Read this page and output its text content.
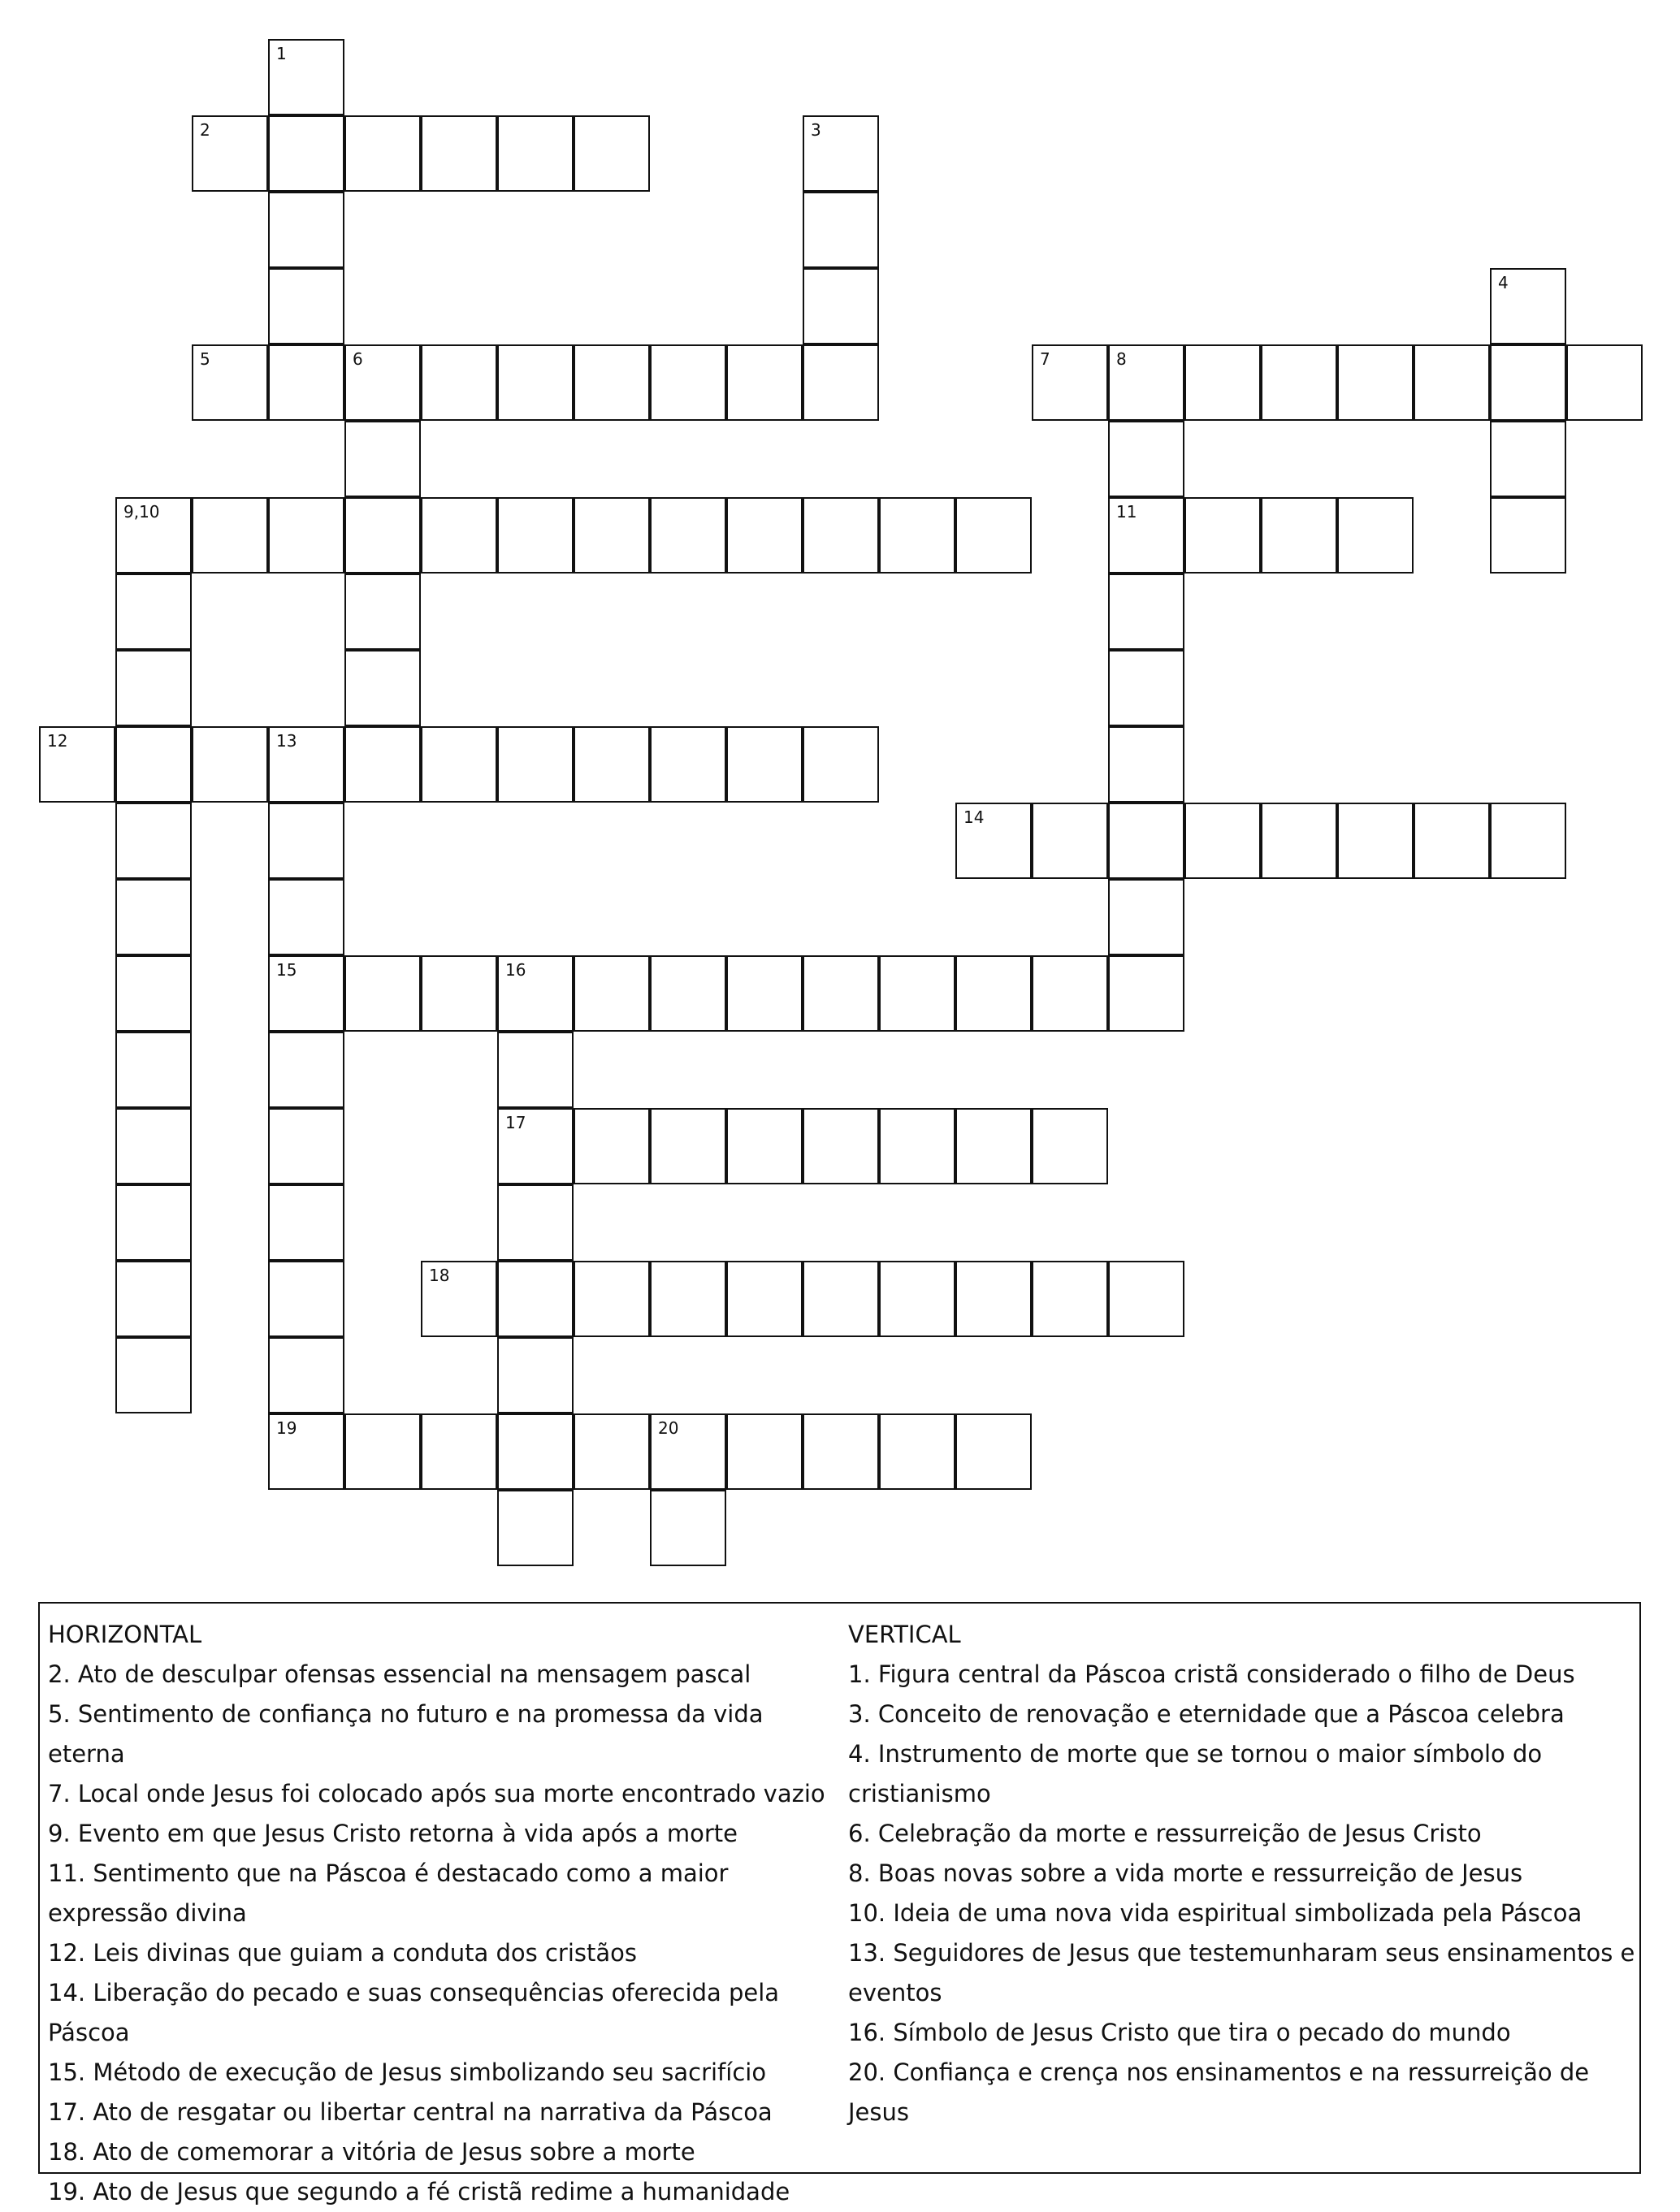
1
2	3
4
5	6	7	8
9,10	11
12	13
14
15	16
17
18
19	20
HORIZONTAL
2. Ato de desculpar ofensas essencial na mensagem pascal
5. Sentimento de confiança no futuro e na promessa da vida eterna
7. Local onde Jesus foi colocado após sua morte encontrado vazio
9. Evento em que Jesus Cristo retorna à vida após a morte
11. Sentimento que na Páscoa é destacado como a maior expressão divina
12. Leis divinas que guiam a conduta dos cristãos
14. Liberação do pecado e suas consequências oferecida pela Páscoa
15. Método de execução de Jesus simbolizando seu sacrifício
17. Ato de resgatar ou libertar central na narrativa da Páscoa
18. Ato de comemorar a vitória de Jesus sobre a morte
19. Ato de Jesus que segundo a fé cristã redime a humanidade
VERTICAL
1. Figura central da Páscoa cristã considerado o filho de Deus
3. Conceito de renovação e eternidade que a Páscoa celebra
4. Instrumento de morte que se tornou o maior símbolo do cristianismo
6. Celebração da morte e ressurreição de Jesus Cristo
8. Boas novas sobre a vida morte e ressurreição de Jesus
10. Ideia de uma nova vida espiritual simbolizada pela Páscoa
13. Seguidores de Jesus que testemunharam seus ensinamentos e eventos
16. Símbolo de Jesus Cristo que tira o pecado do mundo
20. Confiança e crença nos ensinamentos e na ressurreição de Jesus
